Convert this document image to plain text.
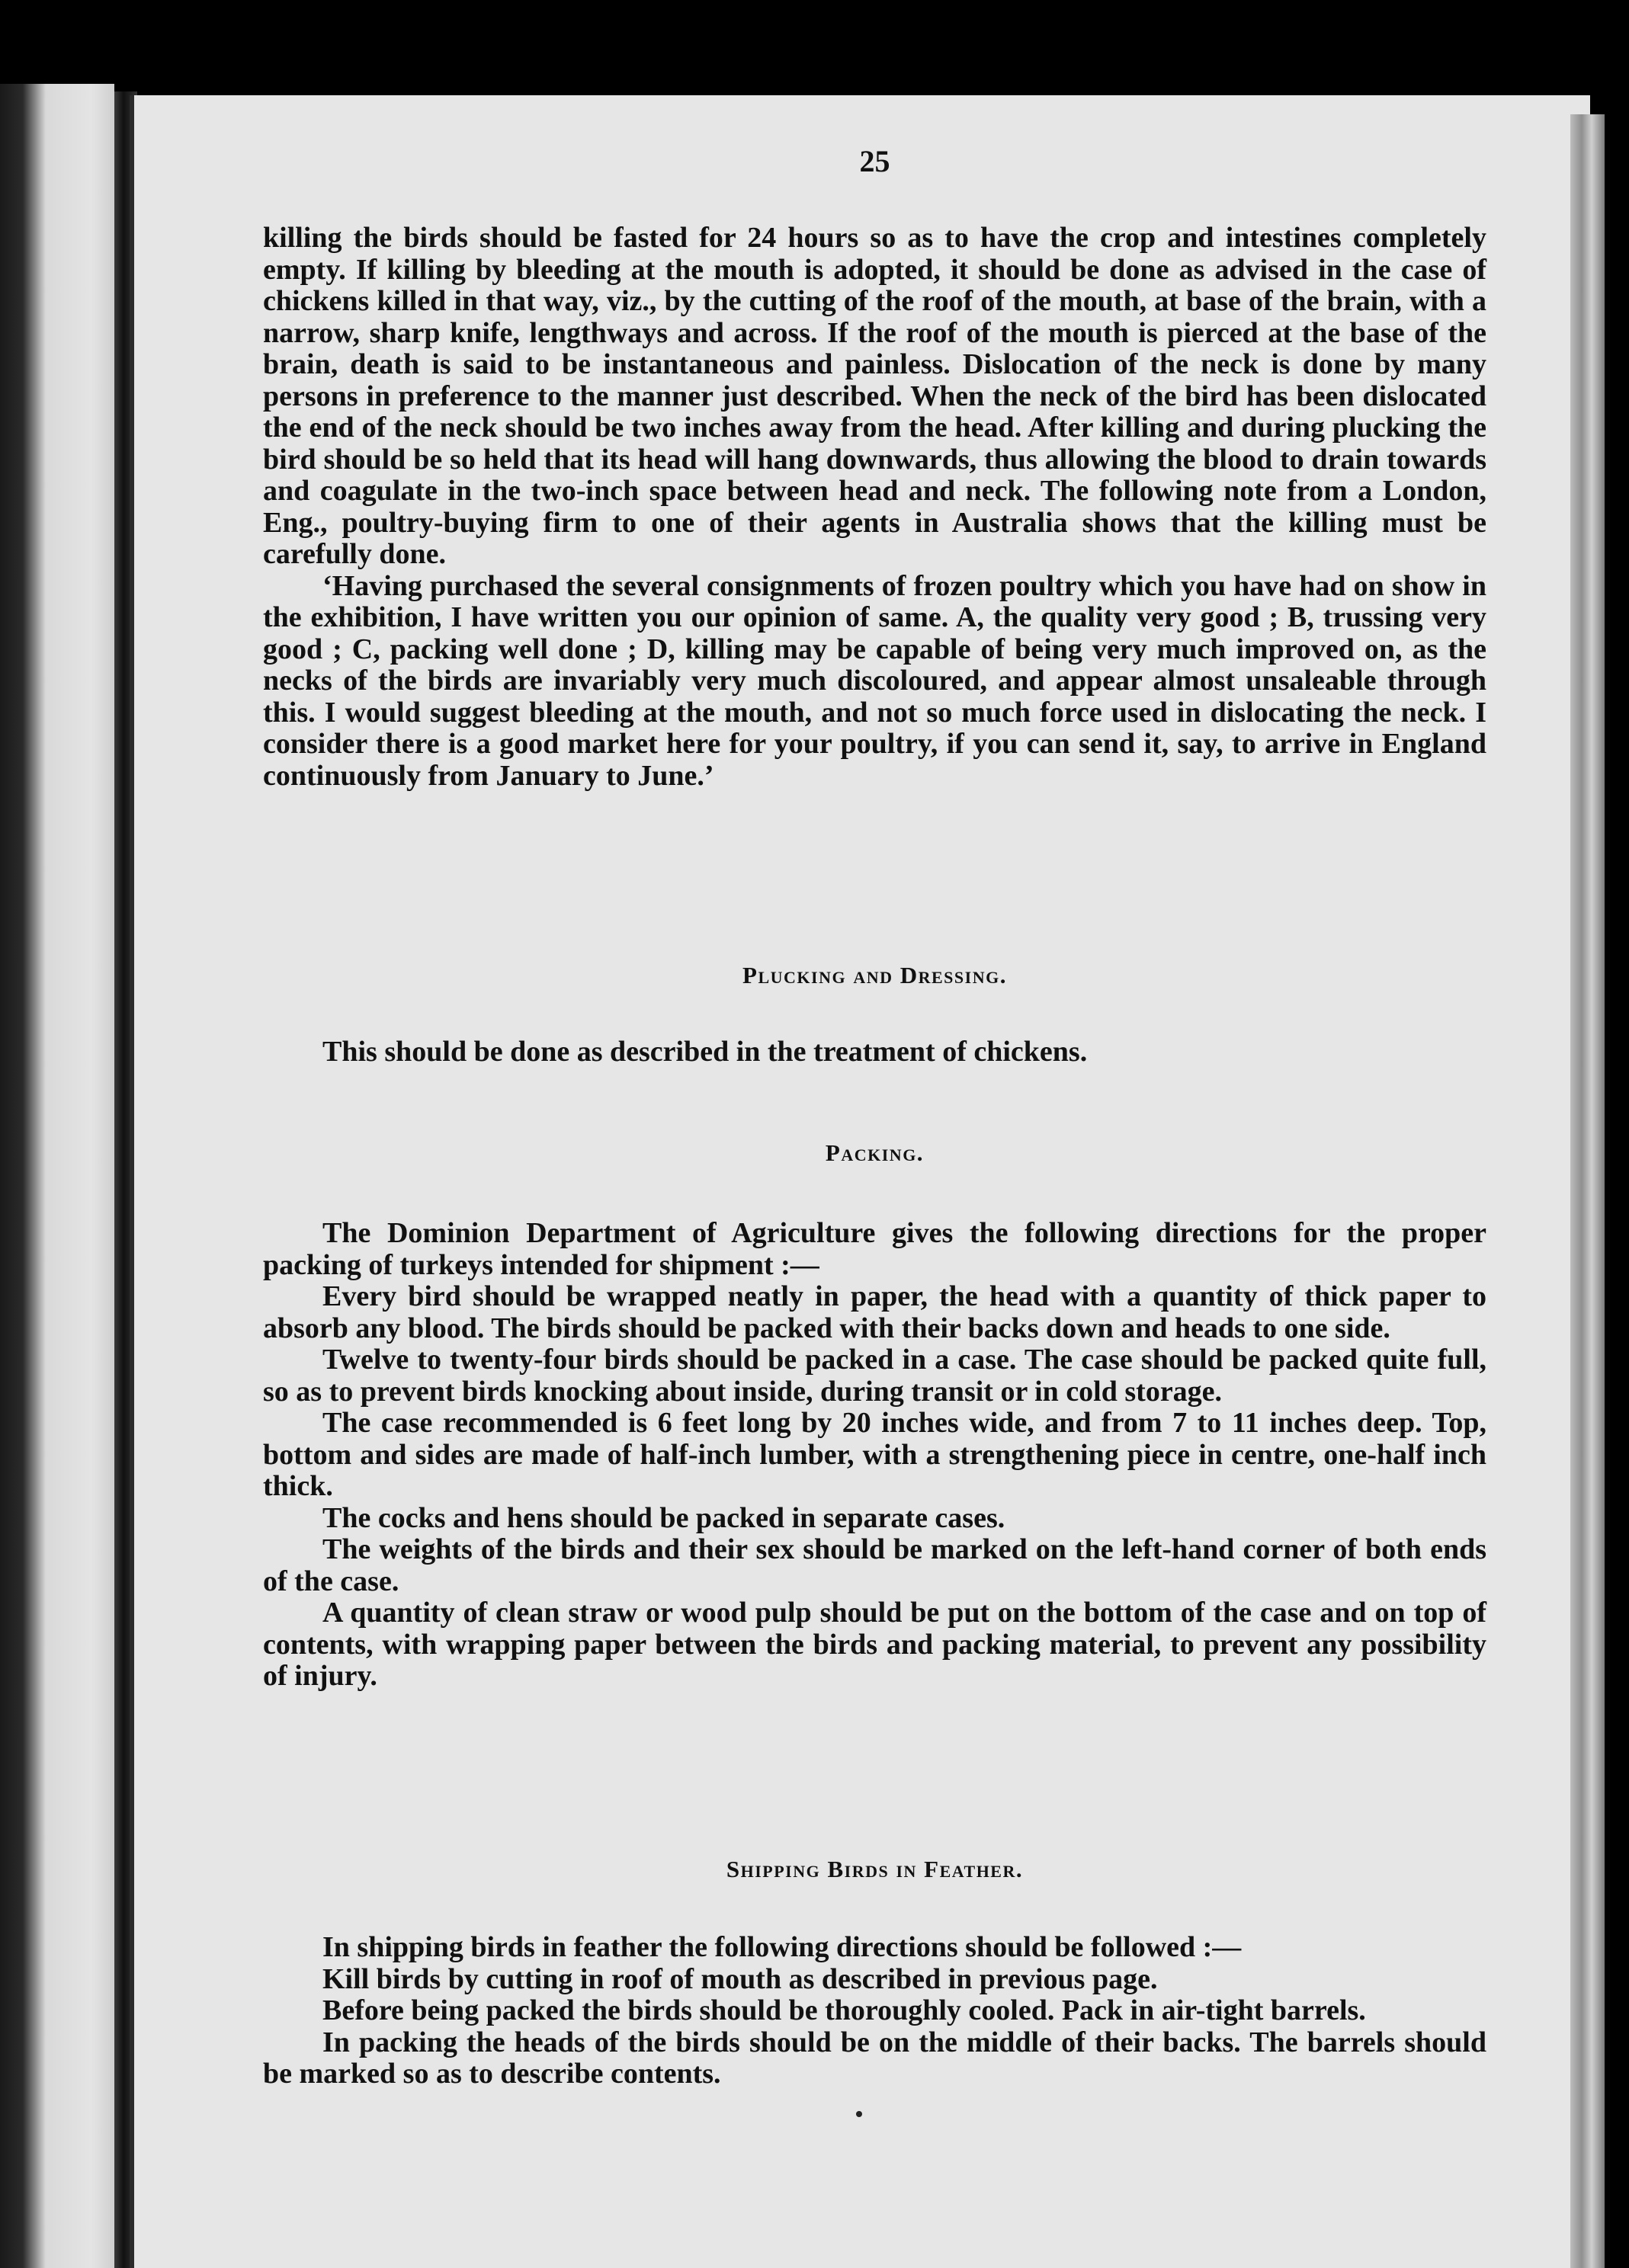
25

killing the birds should be fasted for 24 hours so as to have the crop and intestines completely empty. If killing by bleeding at the mouth is adopted, it should be done as advised in the case of chickens killed in that way, viz., by the cutting of the roof of the mouth, at base of the brain, with a narrow, sharp knife, lengthways and across. If the roof of the mouth is pierced at the base of the brain, death is said to be instantaneous and painless. Dislocation of the neck is done by many persons in preference to the manner just described. When the neck of the bird has been dislocated the end of the neck should be two inches away from the head. After killing and during plucking the bird should be so held that its head will hang downwards, thus allowing the blood to drain towards and coagulate in the two-inch space between head and neck. The following note from a London, Eng., poultry-buying firm to one of their agents in Australia shows that the killing must be carefully done.

‘Having purchased the several consignments of frozen poultry which you have had on show in the exhibition, I have written you our opinion of same. A, the quality very good ; B, trussing very good ; C, packing well done ; D, killing may be capable of being very much improved on, as the necks of the birds are invariably very much discoloured, and appear almost unsaleable through this. I would suggest bleeding at the mouth, and not so much force used in dislocating the neck. I consider there is a good market here for your poultry, if you can send it, say, to arrive in England continuously from January to June.’

Plucking and Dressing.

This should be done as described in the treatment of chickens.

Packing.

The Dominion Department of Agriculture gives the following directions for the proper packing of turkeys intended for shipment :—

Every bird should be wrapped neatly in paper, the head with a quantity of thick paper to absorb any blood. The birds should be packed with their backs down and heads to one side.

Twelve to twenty-four birds should be packed in a case. The case should be packed quite full, so as to prevent birds knocking about inside, during transit or in cold storage.

The case recommended is 6 feet long by 20 inches wide, and from 7 to 11 inches deep. Top, bottom and sides are made of half-inch lumber, with a strengthening piece in centre, one-half inch thick.

The cocks and hens should be packed in separate cases.

The weights of the birds and their sex should be marked on the left-hand corner of both ends of the case.

A quantity of clean straw or wood pulp should be put on the bottom of the case and on top of contents, with wrapping paper between the birds and packing material, to prevent any possibility of injury.

Shipping Birds in Feather.

In shipping birds in feather the following directions should be followed :—

Kill birds by cutting in roof of mouth as described in previous page.

Before being packed the birds should be thoroughly cooled. Pack in air-tight barrels.

In packing the heads of the birds should be on the middle of their backs. The barrels should be marked so as to describe contents.
